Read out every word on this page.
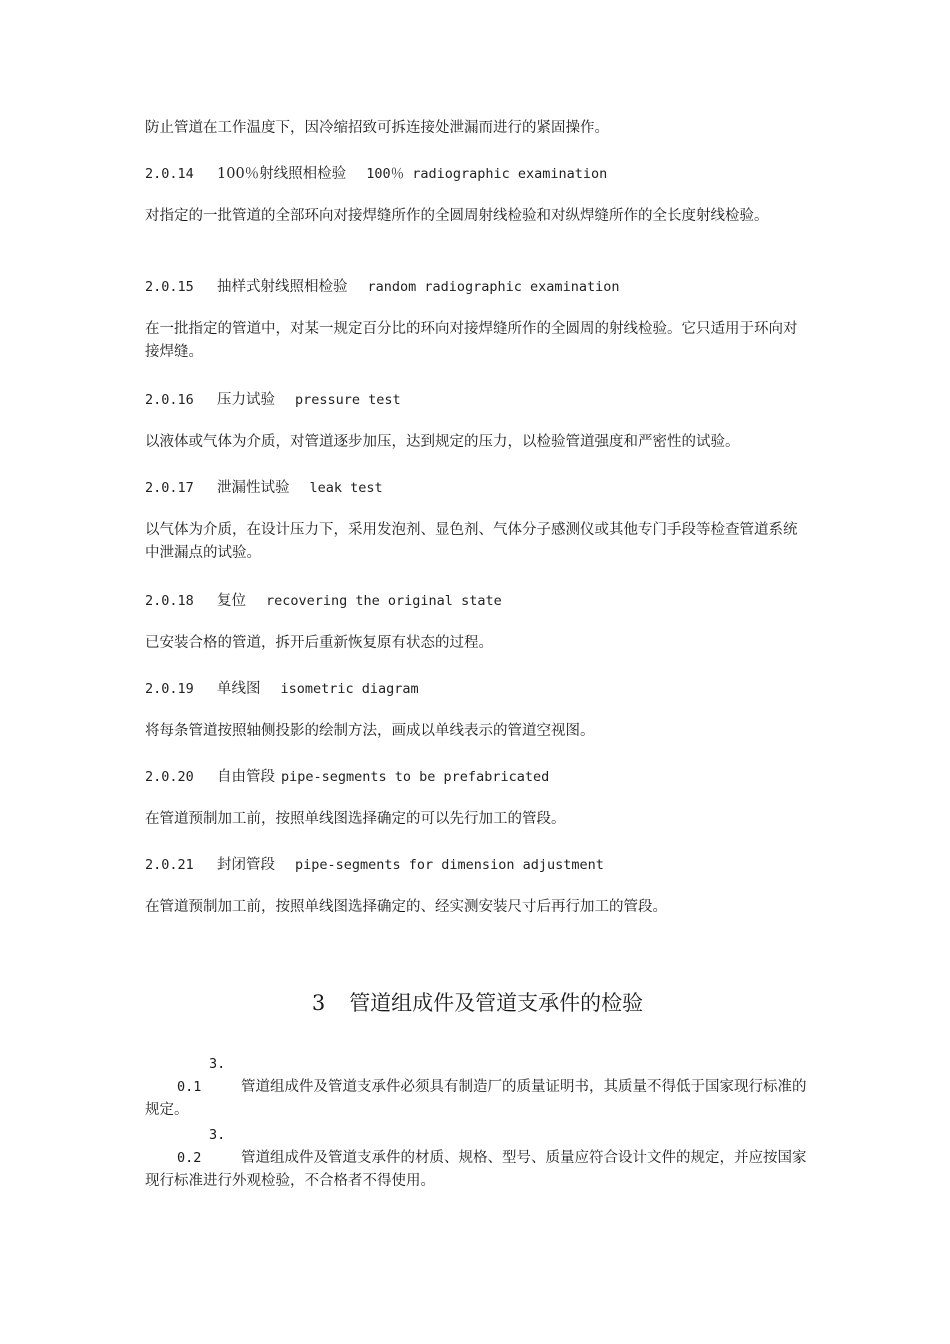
防止管道在工作温度下，因冷缩招致可拆连接处泄漏而进行的紧固操作。
2.0.14 100％射线照相检验 100％ radiographic examination
对指定的一批管道的全部环向对接焊缝所作的全圆周射线检验和对纵焊缝所作的全长度射线检验。
2.0.15 抽样式射线照相检验 random radiographic examination
在一批指定的管道中，对某一规定百分比的环向对接焊缝所作的全圆周的射线检验。它只适用于环向对接焊缝。
2.0.16 压力试验 pressure test
以液体或气体为介质，对管道逐步加压，达到规定的压力，以检验管道强度和严密性的试验。
2.0.17 泄漏性试验 leak test
以气体为介质，在设计压力下，采用发泡剂、显色剂、气体分子感测仪或其他专门手段等检查管道系统中泄漏点的试验。
2.0.18 复位 recovering the original state
已安装合格的管道，拆开后重新恢复原有状态的过程。
2.0.19 单线图 isometric diagram
将每条管道按照轴侧投影的绘制方法，画成以单线表示的管道空视图。
2.0.20 自由管段 pipe-segments to be prefabricated
在管道预制加工前，按照单线图选择确定的可以先行加工的管段。
2.0.21 封闭管段 pipe-segments for dimension adjustment
在管道预制加工前，按照单线图选择确定的、经实测安装尺寸后再行加工的管段。
3 管道组成件及管道支承件的检验
3.0.1	管道组成件及管道支承件必须具有制造厂的质量证明书，其质量不得低于国家现行标准的规定。
3.0.2	管道组成件及管道支承件的材质、规格、型号、质量应符合设计文件的规定，并应按国家现行标准进行外观检验，不合格者不得使用。
